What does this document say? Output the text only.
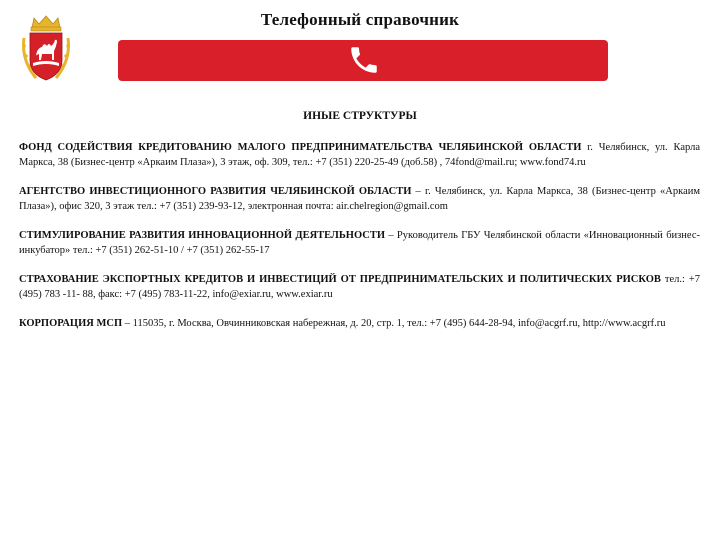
Телефонный справочник
ИНЫЕ СТРУКТУРЫ
ФОНД СОДЕЙСТВИЯ КРЕДИТОВАНИЮ МАЛОГО ПРЕДПРИНИМАТЕЛЬСТВА ЧЕЛЯБИНСКОЙ ОБЛАСТИ г. Челябинск, ул. Карла Маркса, 38 (Бизнес-центр «Аркаим Плаза»), 3 этаж, оф. 309, тел.: +7 (351) 220-25-49 (доб.58) , 74fond@mail.ru; www.fond74.ru
АГЕНТСТВО ИНВЕСТИЦИОННОГО РАЗВИТИЯ ЧЕЛЯБИНСКОЙ ОБЛАСТИ – г. Челябинск, ул. Карла Маркса, 38 (Бизнес-центр «Аркаим Плаза»), офис 320, 3 этаж тел.: +7 (351) 239-93-12, электронная почта: air.chelregion@gmail.com
СТИМУЛИРОВАНИЕ РАЗВИТИЯ ИННОВАЦИОННОЙ ДЕЯТЕЛЬНОСТИ – Руководитель ГБУ Челябинской области «Инновационный бизнес-инкубатор» тел.: +7 (351) 262-51-10 / +7 (351) 262-55-17
СТРАХОВАНИЕ ЭКСПОРТНЫХ КРЕДИТОВ И ИНВЕСТИЦИЙ ОТ ПРЕДПРИНИМАТЕЛЬСКИХ И ПОЛИТИЧЕСКИХ РИСКОВ тел.: +7 (495) 783 -11- 88, факс: +7 (495) 783-11-22, info@exiar.ru, www.exiar.ru
КОРПОРАЦИЯ МСП – 115035, г. Москва, Овчинниковская набережная, д. 20, стр. 1, тел.: +7 (495) 644-28-94, info@acgrf.ru, http://www.acgrf.ru
